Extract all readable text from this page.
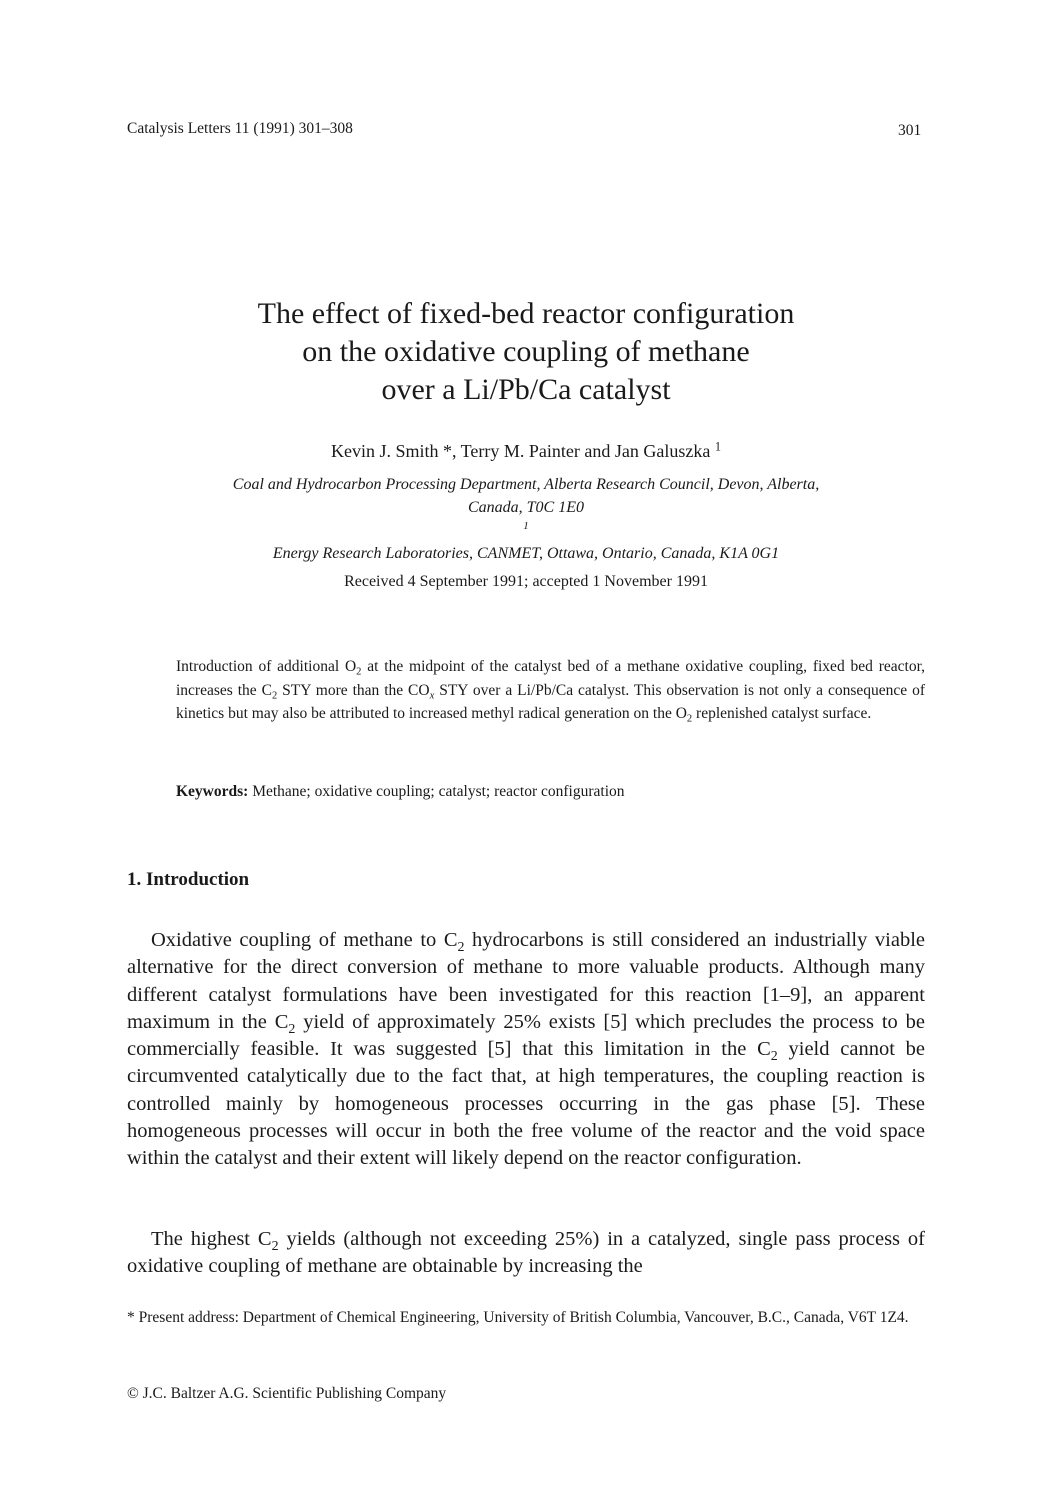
Catalysis Letters 11 (1991) 301–308	301
The effect of fixed-bed reactor configuration
on the oxidative coupling of methane
over a Li/Pb/Ca catalyst
Kevin J. Smith *, Terry M. Painter and Jan Galuszka $^1$
Coal and Hydrocarbon Processing Department, Alberta Research Council, Devon, Alberta,
Canada, T0C 1E0
$^1$
Energy Research Laboratories, CANMET, Ottawa, Ontario, Canada, K1A 0G1
Received 4 September 1991; accepted 1 November 1991

Introduction of additional $O_2$ at the midpoint of the catalyst bed of a methane oxidative coupling, fixed bed reactor, increases the $C_2$ STY more than the $CO_x$ STY over a Li/Pb/Ca catalyst. This observation is not only a consequence of kinetics but may also be attributed to increased methyl radical generation on the $O_2$ replenished catalyst surface.

Keywords: Methane; oxidative coupling; catalyst; reactor configuration
1. Introduction

Oxidative coupling of methane to $C_2$ hydrocarbons is still considered an industrially viable alternative for the direct conversion of methane to more valuable products. Although many different catalyst formulations have been investigated for this reaction [1–9], an apparent maximum in the $C_2$ yield of approximately 25% exists [5] which precludes the process to be commercially feasible. It was suggested [5] that this limitation in the $C_2$ yield cannot be circumvented catalytically due to the fact that, at high temperatures, the coupling reaction is controlled mainly by homogeneous processes occurring in the gas phase [5]. These homogeneous processes will occur in both the free volume of the reactor and the void space within the catalyst and their extent will likely depend on the reactor configuration.

The highest $C_2$ yields (although not exceeding 25%) in a catalyzed, single pass process of oxidative coupling of methane are obtainable by increasing the

* Present address: Department of Chemical Engineering, University of British Columbia, Vancouver, B.C., Canada, V6T 1Z4.

© J.C. Baltzer A.G. Scientific Publishing Company
